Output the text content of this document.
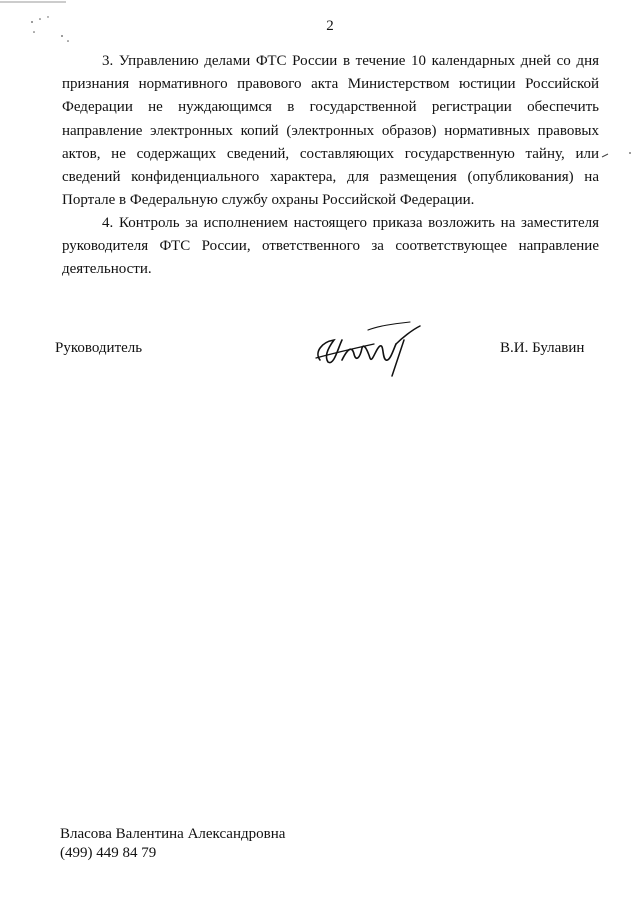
2

3. Управлению делами ФТС России в течение 10 календарных дней со дня признания нормативного правового акта Министерством юстиции Российской Федерации не нуждающимся в государственной регистрации обеспечить направление электронных копий (электронных образов) нормативных правовых актов, не содержащих сведений, составляющих государственную тайну, или сведений конфиденциального характера, для размещения (опубликования) на Портале в Федеральную службу охраны Российской Федерации.

4. Контроль за исполнением настоящего приказа возложить на заместителя руководителя ФТС России, ответственного за соответствующее направление деятельности.

Руководитель	В.И. Булавин
Власова Валентина Александровна
(499) 449 84 79
